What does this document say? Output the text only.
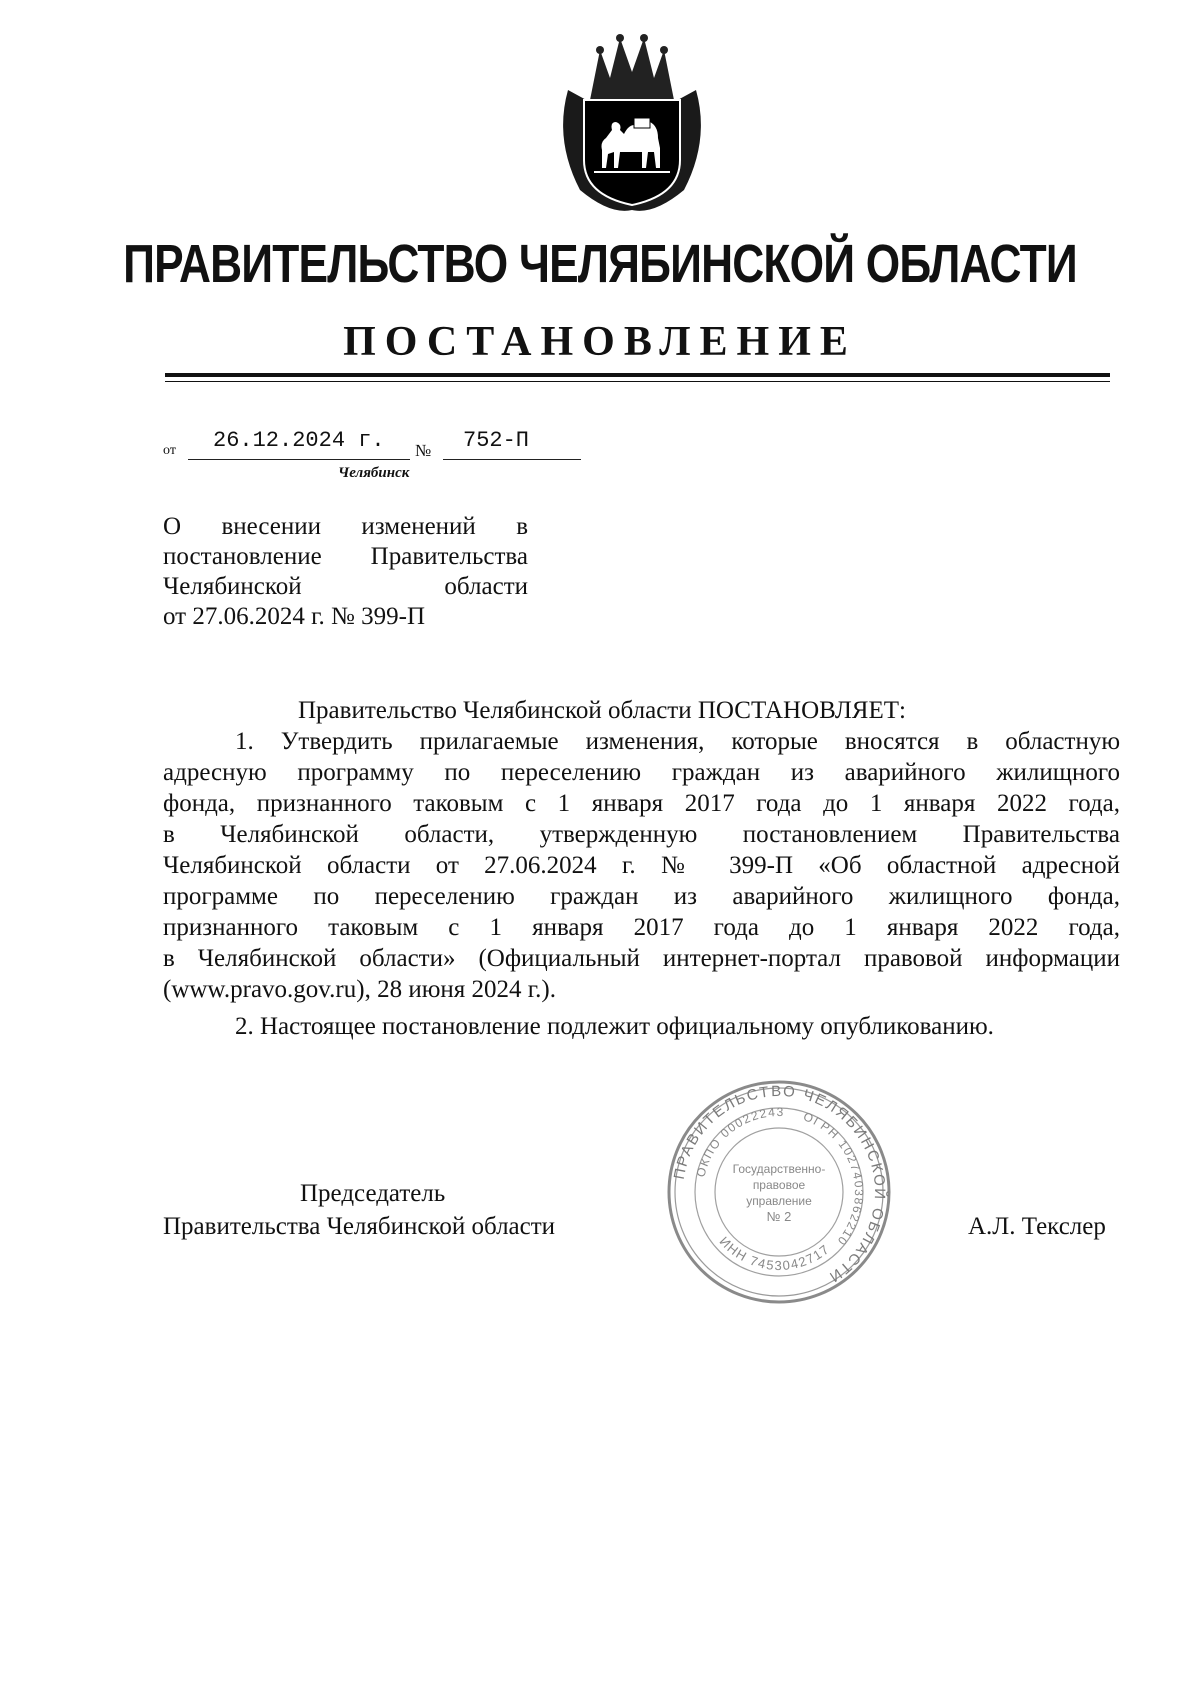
ПРАВИТЕЛЬСТВО ЧЕЛЯБИНСКОЙ ОБЛАСТИ
ПОСТАНОВЛЕНИЕ
от 26.12.2024 г. № 752-П
Челябинск
О внесении изменений в
постановление Правительства
Челябинской области
от 27.06.2024 г. № 399-П
Правительство Челябинской области ПОСТАНОВЛЯЕТ:
1. Утвердить прилагаемые изменения, которые вносятся в областную
адресную программу по переселению граждан из аварийного жилищного
фонда, признанного таковым с 1 января 2017 года до 1 января 2022 года,
в Челябинской области, утвержденную постановлением Правительства
Челябинской области от 27.06.2024 г. № 399-П «Об областной адресной
программе по переселению граждан из аварийного жилищного фонда,
признанного таковым с 1 января 2017 года до 1 января 2022 года,
в Челябинской области» (Официальный интернет-портал правовой информации
(www.pravo.gov.ru), 28 июня 2024 г.).
2. Настоящее постановление подлежит официальному опубликованию.
Председатель
Правительства Челябинской области	А.Л. Текслер
ПРАВИТЕЛЬСТВО ЧЕЛЯБИНСКОЙ ОБЛАСТИ
ОГРН 1027403862210
ОКПО 00022243
ИНН 7453042717
Государственно-
правовое
управление
№ 2
